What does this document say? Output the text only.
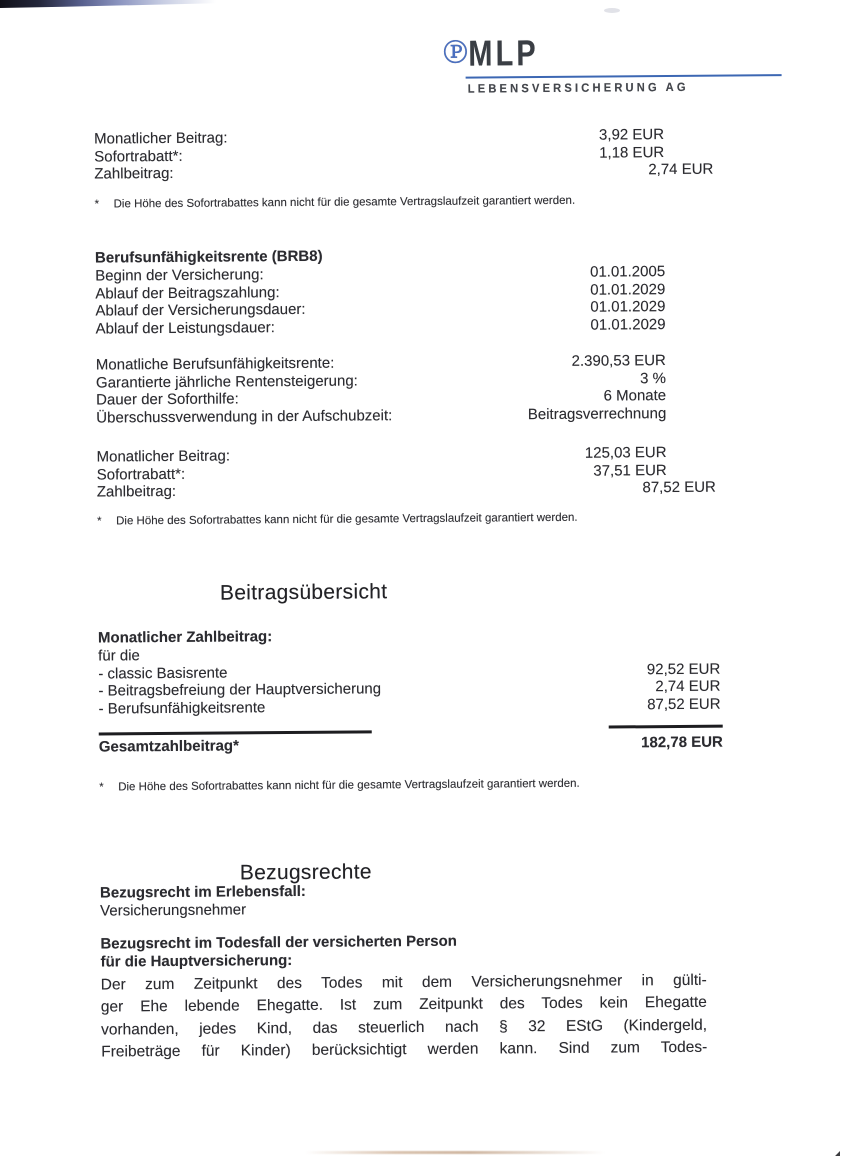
Ⓟ MLP
LEBENSVERSICHERUNG AG
Monatlicher Beitrag:	3,92 EUR
Sofortrabatt*:	1,18 EUR
Zahlbeitrag:	2,74 EUR
*	Die Höhe des Sofortrabattes kann nicht für die gesamte Vertragslaufzeit garantiert werden.
Berufsunfähigkeitsrente (BRB8)
Beginn der Versicherung:	01.01.2005
Ablauf der Beitragszahlung:	01.01.2029
Ablauf der Versicherungsdauer:	01.01.2029
Ablauf der Leistungsdauer:	01.01.2029
Monatliche Berufsunfähigkeitsrente:	2.390,53 EUR
Garantierte jährliche Rentensteigerung:	3 %
Dauer der Soforthilfe:	6 Monate
Überschussverwendung in der Aufschubzeit:	Beitragsverrechnung
Monatlicher Beitrag:	125,03 EUR
Sofortrabatt*:	37,51 EUR
Zahlbeitrag:	87,52 EUR
*	Die Höhe des Sofortrabattes kann nicht für die gesamte Vertragslaufzeit garantiert werden.
Beitragsübersicht
Monatlicher Zahlbeitrag:
für die
- classic Basisrente	92,52 EUR
- Beitragsbefreiung der Hauptversicherung	2,74 EUR
- Berufsunfähigkeitsrente	87,52 EUR
Gesamtzahlbeitrag*	182,78 EUR
*	Die Höhe des Sofortrabattes kann nicht für die gesamte Vertragslaufzeit garantiert werden.
Bezugsrechte
Bezugsrecht im Erlebensfall:
Versicherungsnehmer
Bezugsrecht im Todesfall der versicherten Person
für die Hauptversicherung:
Der zum Zeitpunkt des Todes mit dem Versicherungsnehmer in gülti-
ger Ehe lebende Ehegatte. Ist zum Zeitpunkt des Todes kein Ehegatte
vorhanden, jedes Kind, das steuerlich nach § 32 EStG (Kindergeld,
Freibeträge für Kinder) berücksichtigt werden kann. Sind zum Todes-
